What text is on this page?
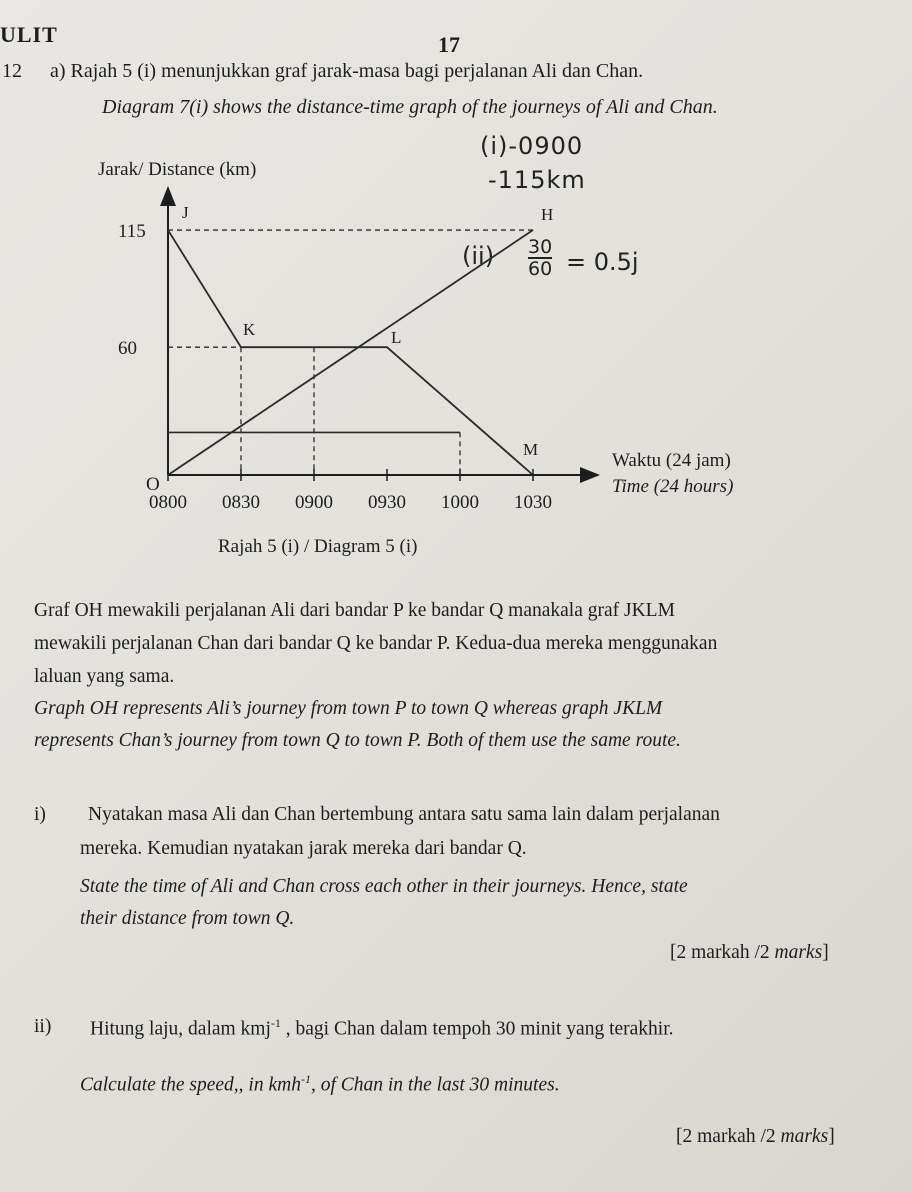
ULIT	17
12 a) Rajah 5 (i) menunjukkan graf jarak-masa bagi perjalanan Ali dan Chan.
Diagram 7(i) shows the distance-time graph of the journeys of Ali and Chan.
(i)-0900
-115km
(ii) 30
60 = 0.5j
Jarak/ Distance (km)
O
Waktu (24 jam)
Time (24 hours)
60
115
0800 0830 0900 0930 1000 1030
J	H
K	L
M
Rajah 5 (i) / Diagram 5 (i)
Graf OH mewakili perjalanan Ali dari bandar P ke bandar Q manakala graf JKLM
mewakili perjalanan Chan dari bandar Q ke bandar P. Kedua-dua mereka menggunakan
laluan yang sama.
Graph OH represents Ali’s journey from town P to town Q whereas graph JKLM
represents Chan’s journey from town Q to town P. Both of them use the same route.
i) Nyatakan masa Ali dan Chan bertembung antara satu sama lain dalam perjalanan
mereka. Kemudian nyatakan jarak mereka dari bandar Q.
State the time of Ali and Chan cross each other in their journeys. Hence, state
their distance from town Q.
[2 markah /2 marks]
ii) Hitung laju, dalam kmj$^{-1}$ , bagi Chan dalam tempoh 30 minit yang terakhir.
Calculate the speed,, in kmh$^{-1}$, of Chan in the last 30 minutes.
[2 markah /2 marks]
